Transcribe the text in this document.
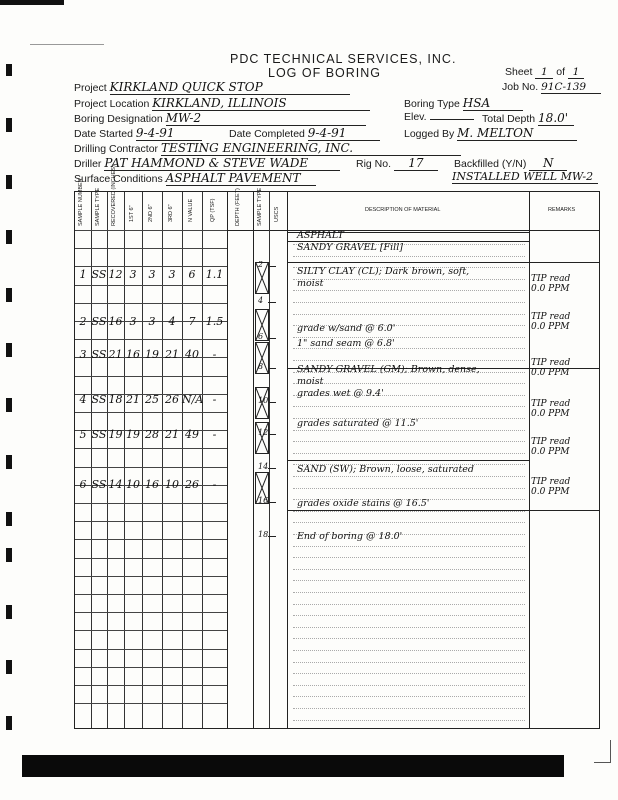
PDC TECHNICAL SERVICES, INC.
LOG OF BORING	Sheet 1 of 1
Job No. 91C-139
Project KIRKLAND QUICK STOP
Project Location KIRKLAND, ILLINOIS	Boring Type HSA
Boring Designation MW-2	Elev.	Total Depth 18.0'
Date Started 9-4-91	Date Completed 9-4-91	Logged By M. MELTON
Drilling Contractor TESTING ENGINEERING, INC.
Driller PAT HAMMOND & STEVE WADE	Rig No. 17	Backfilled (Y/N) N
Surface Conditions ASPHALT PAVEMENT	INSTALLED WELL MW-2
SAMPLE NUMBER SAMPLE TYPE RECOVERED (INCHES) 1ST 6" 2ND 6"	3RD 6"	N VALUE	QP (TSF)	DEPTH (FEET)	SAMPLE TYPE USCS	DESCRIPTION OF MATERIAL	REMARKS
1 SS 12 3	3	3	6 1.1
2 SS 16 3	3	4	7 1.5
3 SS 21 16 19 21 40	-
4 SS 18 21 25 26 N/A -
5 SS 19 19 28 21 49	-
6 SS 14 10 16 10 26	-
2
4
6
8
10
12
14
16
18
ASPHALT
SANDY GRAVEL [Fill]
SILTY CLAY (CL); Dark brown, soft,
moist
grade w/sand @ 6.0'
1" sand seam @ 6.8'
SANDY GRAVEL (GM); Brown, dense,
moist
grades wet @ 9.4'
grades saturated @ 11.5'
SAND (SW); Brown, loose, saturated
grades oxide stains @ 16.5'
End of boring @ 18.0'
TIP read
0.0 PPM
TIP read
0.0 PPM
TIP read
0.0 PPM
TIP read
0.0 PPM
TIP read
0.0 PPM
TIP read
0.0 PPM
